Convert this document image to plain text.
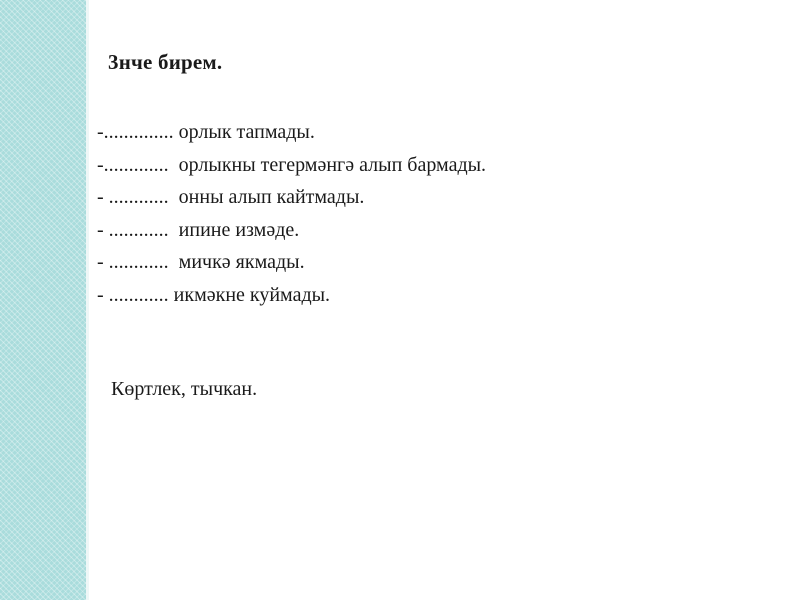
3нче бирем.
-.............. орлык тапмады.
-.............  орлыкны тегермәнгә алып бармады.
- ............  онны алып кайтмады.
- ............  ипине измәде.
- ............  мичкә якмады.
- ............ икмәкне куймады.
Көртлек, тычкан.
